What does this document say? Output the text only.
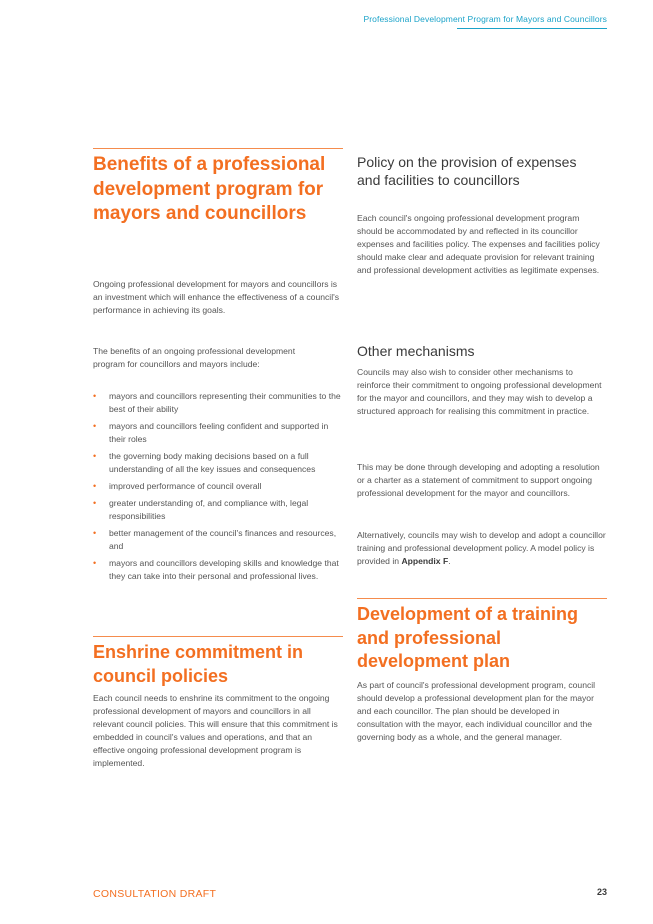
Professional Development Program for Mayors and Councillors
Benefits of a professional development program for mayors and councillors

Ongoing professional development for mayors and councillors is an investment which will enhance the effectiveness of a council's performance in achieving its goals.

The benefits of an ongoing professional development program for councillors and mayors include:

• mayors and councillors representing their communities to the best of their ability
• mayors and councillors feeling confident and supported in their roles
• the governing body making decisions based on a full understanding of all the key issues and consequences
• improved performance of council overall
• greater understanding of, and compliance with, legal responsibilities
• better management of the council's finances and resources, and
• mayors and councillors developing skills and knowledge that they can take into their personal and professional lives.
Enshrine commitment in council policies

Each council needs to enshrine its commitment to the ongoing professional development of mayors and councillors in all relevant council policies. This will ensure that this commitment is embedded in council's values and operations, and that an effective ongoing professional development program is implemented.

Policy on the provision of expenses and facilities to councillors

Each council's ongoing professional development program should be accommodated by and reflected in its councillor expenses and facilities policy. The expenses and facilities policy should make clear and adequate provision for relevant training and professional development activities as legitimate expenses.

Other mechanisms

Councils may also wish to consider other mechanisms to reinforce their commitment to ongoing professional development for the mayor and councillors, and they may wish to develop a structured approach for realising this commitment in practice.

This may be done through developing and adopting a resolution or a charter as a statement of commitment to support ongoing professional development for the mayor and councillors.

Alternatively, councils may wish to develop and adopt a councillor training and professional development policy. A model policy is provided in Appendix F.

Development of a training and professional development plan

As part of council's professional development program, council should develop a professional development plan for the mayor and each councillor. The plan should be developed in consultation with the mayor, each individual councillor and the governing body as a whole, and the general manager.

CONSULTATION DRAFT	23
